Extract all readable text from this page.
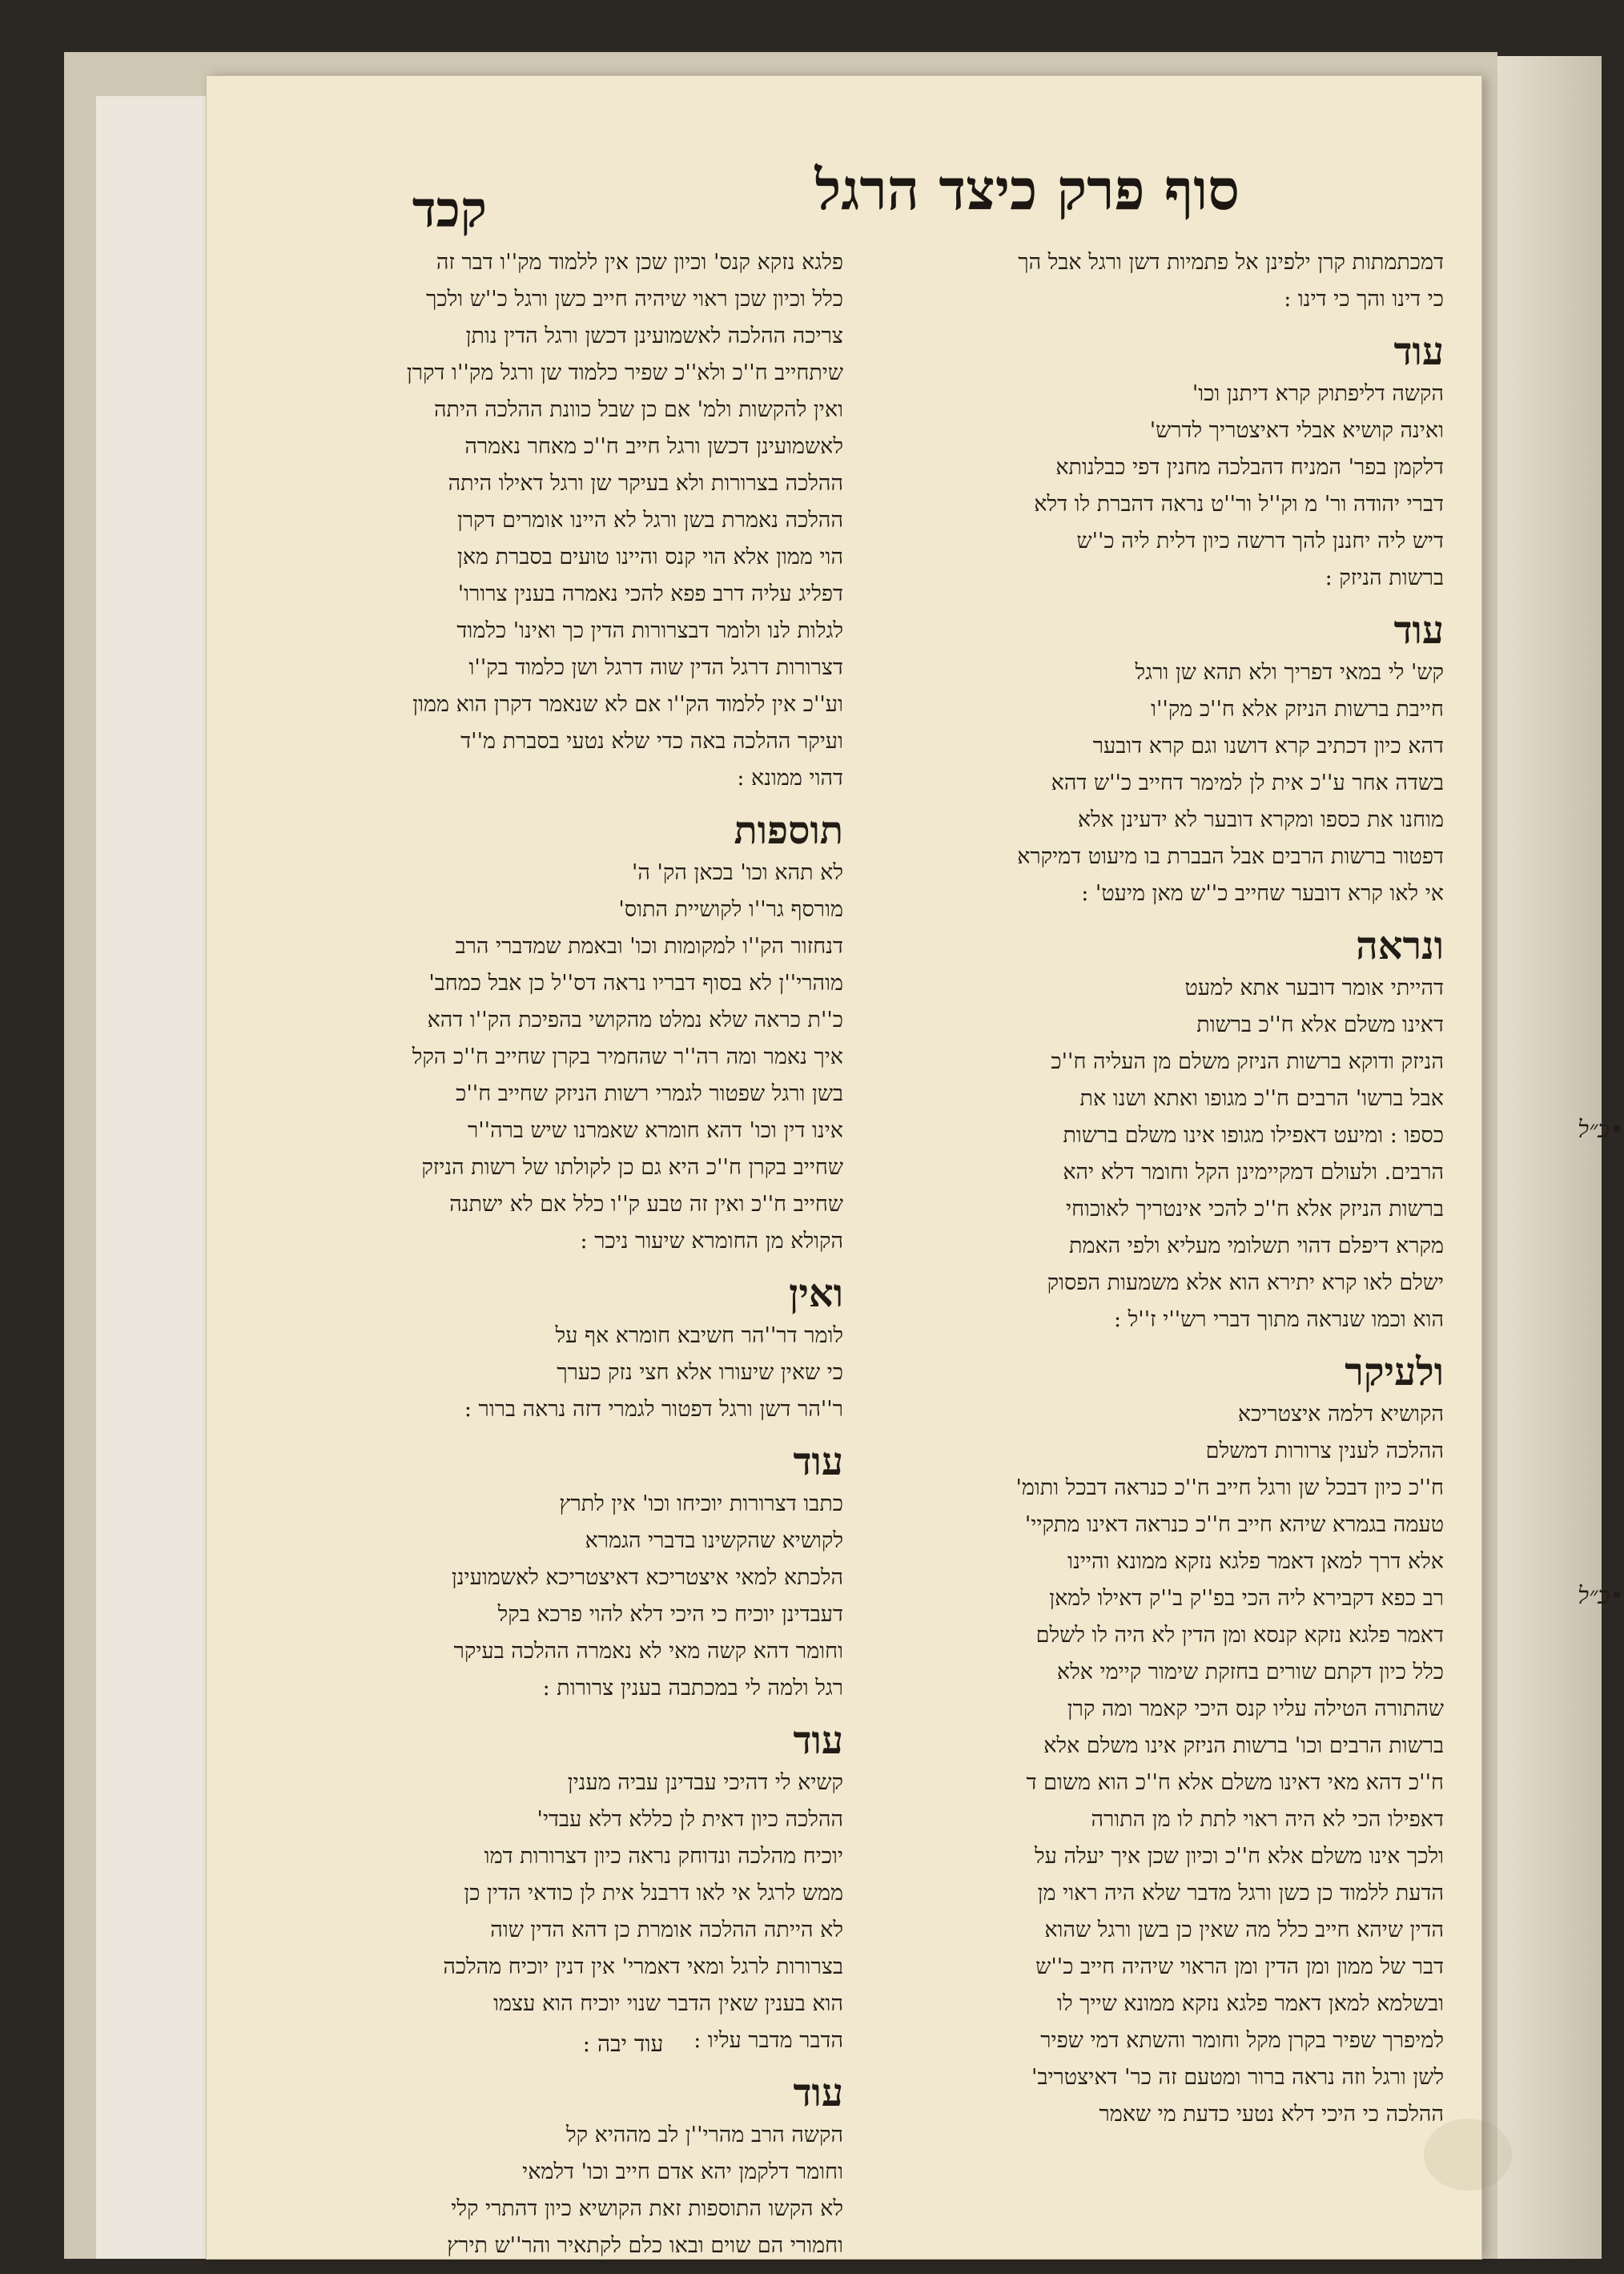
סוף פרק כיצד הרגל
קכד
דמכתמתות קרן ילפינן אל פתמיות דשן ורגל אבל הך
כי דינו והך כי דינו :
עוד
הקשה דליפתוק קרא דיתנן וכו'
ואינה קושיא אבלי דאיצטריך לדרש'
דלקמן בפר' המניח דהבלכה מחנין דפי כבלנותא
דברי יהודה ור' מ וק''ל ור''ט נראה דהברת לו דלא
דיש ליה יחננן להך דרשה כיון דלית ליה כ''ש
ברשות הניזק :
עוד
קש' לי במאי דפריך ולא תהא שן ורגל
חייבת ברשות הניזק אלא ח''כ מק''ו
דהא כיון דכתיב קרא דושנו וגם קרא דובער
בשדה אחר ע''כ אית לן למימר דחייב כ''ש דהא
מוחנו את כספו ומקרא דובער לא ידעינן אלא
דפטור ברשות הרבים אבל הבברת בו מיעוט דמיקרא
אי לאו קרא דובער שחייב כ''ש מאן מיעט' :
ונראה
דהייתי אומר דובער אתא למעט
דאינו משלם אלא ח''כ ברשות
הניזק ודוקא ברשות הניזק משלם מן העליה ח''כ
אבל ברשו' הרבים ח''כ מגופו ואתא ושנו את
כספו : ומיעט דאפילו מגופו אינו משלם ברשות
הרבים. ולעולם דמקיימינן הקל וחומר דלא יהא
ברשות הניזק אלא ח''כ להכי אינטריך לאוכוחי
מקרא דיפלם דהוי תשלומי מעליא ולפי האמת
ישלם לאו קרא יתירא הוא אלא משמעות הפסוק
הוא וכמו שנראה מתוך דברי רש''י ז''ל :
ולעיקר
הקושיא דלמה איצטריכא
ההלכה לענין צרורות דמשלם
ח''כ כיון דבכל שן ורגל חייב ח''כ כנראה דבכל ותומ'
טעמה בגמרא שיהא חייב ח''כ כנראה דאינו מתקיי'
אלא דרך למאן דאמר פלגא נזקא ממונא והיינו
רב כפא דקבירא ליה הכי בפ''ק ב''ק דאילו למאן
דאמר פלגא נזקא קנסא ומן הדין לא היה לו לשלם
כלל כיון דקתם שורים בחזקת שימור קיימי אלא
שהתורה הטילה עליו קנס היכי קאמר ומה קרן
ברשות הרבים וכו' ברשות הניזק אינו משלם אלא
ח''כ דהא מאי דאינו משלם אלא ח''כ הוא משום ד
דאפילו הכי לא היה ראוי לתת לו מן התורה
ולכך אינו משלם אלא ח''כ וכיון שכן איך יעלה על
הדעת ללמוד כן כשן ורגל מדבר שלא היה ראוי מן
הדין שיהא חייב כלל מה שאין כן בשן ורגל שהוא
דבר של ממון ומן הדין ומן הראוי שיהיה חייב כ''ש
ובשלמא למאן דאמר פלגא נזקא ממונא שייך לו
למיפרך שפיר בקרן מקל וחומר והשתא דמי שפיר
לשן ורגל וזה נראה ברור ומטעם זה כר' דאיצטריב'
ההלכה כי היכי דלא נטעי כדעת מי שאמר
פלגא נזקא קנס' וכיון שכן אין ללמוד מק''ו דבר זה
כלל וכיון שכן ראוי שיהיה חייב כשן ורגל כ''ש ולכך
צריכה ההלכה לאשמועינן דכשן ורגל הדין נותן
שיתחייב ח''כ ולא''כ שפיר כלמוד שן ורגל מק''ו דקרן
ואין להקשות ולמ' אם כן שבל כוונת ההלכה היתה
לאשמועינן דכשן ורגל חייב ח''כ מאחר נאמרה
ההלכה בצרורות ולא בעיקר שן ורגל דאילו היתה
ההלכה נאמרת בשן ורגל לא היינו אומרים דקרן
הוי ממון אלא הוי קנס והיינו טועים בסברת מאן
דפליג עליה דרב פפא להכי נאמרה בענין צרורו'
לגלות לנו ולומר דבצרורות הדין כך ואינו' כלמוד
דצרורות דרגל הדין שוה דרגל ושן כלמוד בק''ו
וע''כ אין ללמוד הק''ו אם לא שנאמר דקרן הוא ממון
ועיקר ההלכה באה כדי שלא נטעי בסברת מ''ד
דהוי ממונא :
תוספות
לא תהא וכו' בכאן הק' ה'
מורסף גר''ו לקושיית התוס'
דנחזור הק''ו למקומות וכו' ובאמת שמדברי הרב
מוהרי''ן לא בסוף דבריו נראה דס''ל כן אבל כמחב'
כ''ת כראה שלא נמלט מהקושי בהפיכת הק''ו דהא
איך נאמר ומה רה''ר שהחמיר בקרן שחייב ח''כ הקל
בשן ורגל שפטור לגמרי רשות הניזק שחייב ח''כ
אינו דין וכו' דהא חומרא שאמרנו שיש ברה''ר
שחייב בקרן ח''כ היא גם כן לקולתו של רשות הניזק
שחייב ח''כ ואין זה טבע ק''ו כלל אם לא ישתנה
הקולא מן החומרא שיעור ניכר :
ואין
לומר דר''הר חשיבא חומרא אף על
כי שאין שיעורו אלא חצי נזק כערך
ר''הר דשן ורגל דפטור לגמרי דזה נראה ברור :
עוד
כתבו דצרורות יוכיחו וכו' אין לתרץ
לקושיא שהקשינו בדברי הגמרא
הלכתא למאי איצטריכא דאיצטריכא לאשמועינן
דעבדינן יוכיח כי היכי דלא להוי פרכא בקל
וחומר דהא קשה מאי לא נאמרה ההלכה בעיקר
רגל ולמה לי במכתבה בענין צרורות :
עוד
קשיא לי דהיכי עבדינן עביה מענין
ההלכה כיון דאית לן כללא דלא עבדי'
יוכיח מהלכה ונדוחק נראה כיון דצרורות דמו
ממש לרגל אי לאו דרבנל אית לן כודאי הדין כן
לא הייתה ההלכה אומרת כן דהא הדין שוה
בצרורות לרגל ומאי דאמרי' אין דנין יוכיח מהלכה
הוא בענין שאין הדבר שנוי יוכיח הוא עצמו
הדבר מדבר עליו :
עוד
הקשה הרב מהרי''ן לב מההיא קל
וחומר דלקמן יהא אדם חייב וכו' דלמאי
לא הקשו התוספות זאת הקושיא כיון דהתרי קלי
וחמורי הם שוים ובאו כלם לקתאיר והר''ש תירץ
•כ״ל
•כ״ל
עוד יבה :
